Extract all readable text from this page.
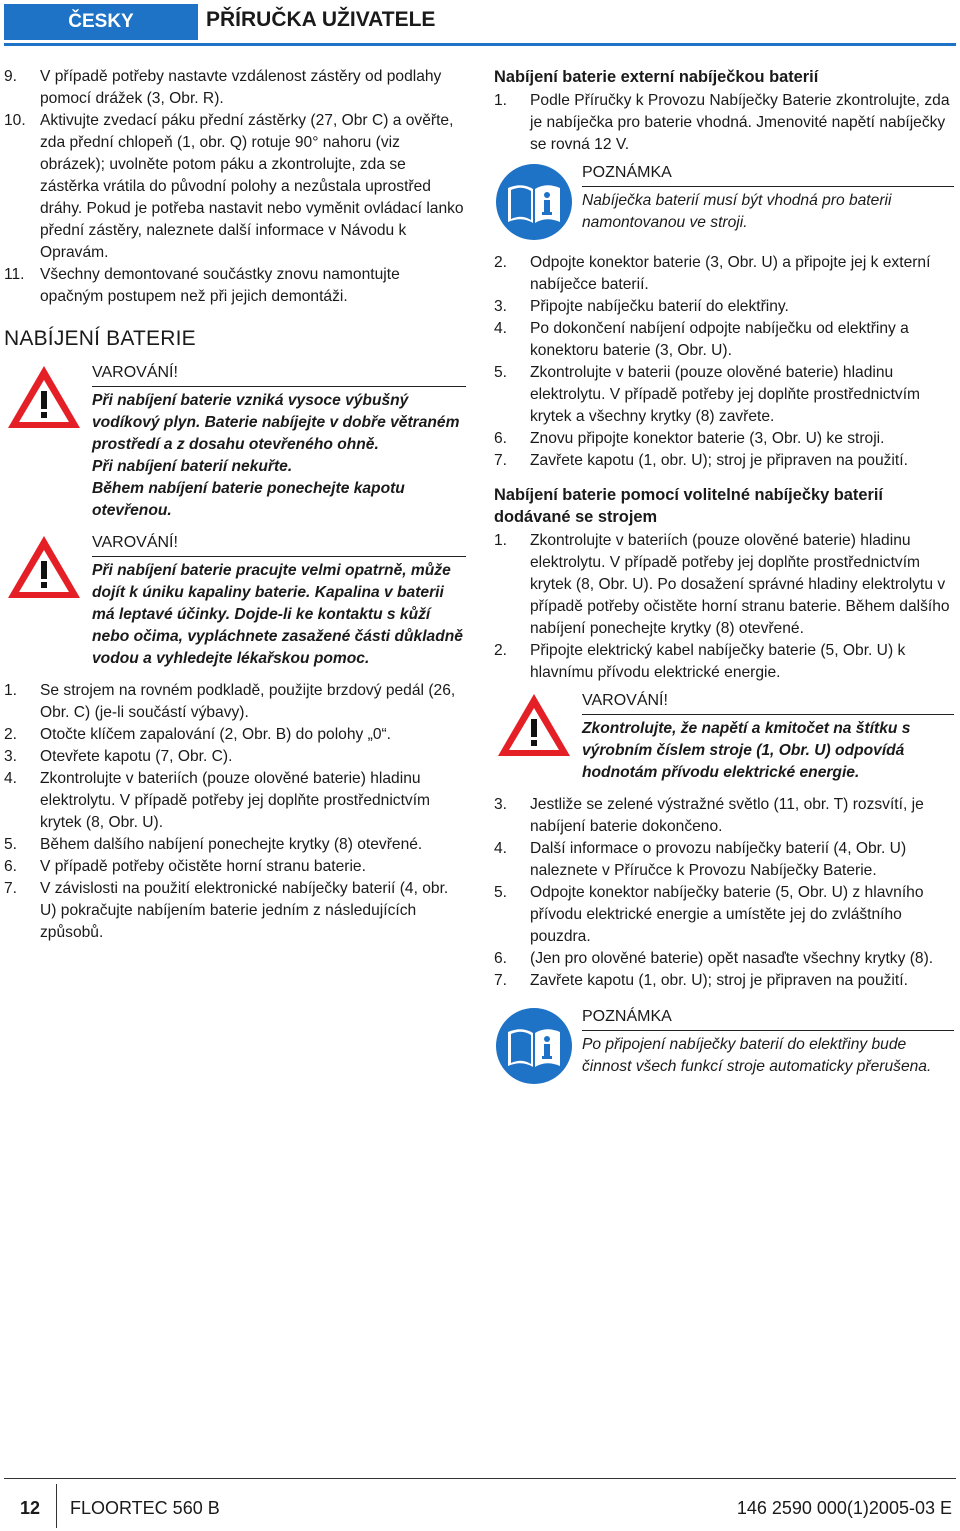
ČESKY	PŘÍRUČKA UŽIVATELE
9.	V případě potřeby nastavte vzdálenost zástěry od podlahy pomocí drážek (3, Obr. R).
10. Aktivujte zvedací páku přední zástěrky (27, Obr C) a ověřte, zda přední chlopeň (1, obr. Q) rotuje 90° nahoru (viz obrázek); uvolněte potom páku a zkontrolujte, zda se zástěrka vrátila do původní polohy a nezůstala uprostřed dráhy. Pokud je potřeba nastavit nebo vyměnit ovládací lanko přední zástěry, naleznete další informace v Návodu k Opravám.
11. Všechny demontované součástky znovu namontujte opačným postupem než při jejich demontáži.
NABÍJENÍ BATERIE
VAROVÁNÍ!

Při nabíjení baterie vzniká vysoce výbušný vodíkový plyn. Baterie nabíjejte v dobře větraném prostředí a z dosahu otevřeného ohně.

Při nabíjení baterií nekuřte.

Během nabíjení baterie ponechejte kapotu otevřenou.

VAROVÁNÍ!

Při nabíjení baterie pracujte velmi opatrně, může dojít k úniku kapaliny baterie. Kapalina v baterii má leptavé účinky. Dojde-li ke kontaktu s kůží nebo očima, vypláchnete zasažené části důkladně vodou a vyhledejte lékařskou pomoc.

1.	Se strojem na rovném podkladě, použijte brzdový pedál (26, Obr. C) (je-li součástí výbavy).
2.	Otočte klíčem zapalování (2, Obr. B) do polohy „0“.
3.	Otevřete kapotu (7, Obr. C).
4.	Zkontrolujte v bateriích (pouze olověné baterie) hladinu elektrolytu. V případě potřeby jej doplňte prostřednictvím krytek (8, Obr. U).
5.	Během dalšího nabíjení ponechejte krytky (8) otevřené.
6.	V případě potřeby očistěte horní stranu baterie.
7.	V závislosti na použití elektronické nabíječky baterií (4, obr. U) pokračujte nabíjením baterie jedním z následujících způsobů.
Nabíjení baterie externí nabíječkou baterií
1.	Podle Příručky k Provozu Nabíječky Baterie zkontrolujte, zda je nabíječka pro baterie vhodná. Jmenovité napětí nabíječky se rovná 12 V.
POZNÁMKA

Nabíječka baterií musí být vhodná pro baterii namontovanou ve stroji.

2.	Odpojte konektor baterie (3, Obr. U) a připojte jej k externí nabíječce baterií.
3.	Připojte nabíječku baterií do elektřiny.
4.	Po dokončení nabíjení odpojte nabíječku od elektřiny a konektoru baterie (3, Obr. U).
5.	Zkontrolujte v baterii (pouze olověné baterie) hladinu elektrolytu. V případě potřeby jej doplňte prostřednictvím krytek a všechny krytky (8) zavřete.
6.	Znovu připojte konektor baterie (3, Obr. U) ke stroji.
7.	Zavřete kapotu (1, obr. U); stroj je připraven na použití.
Nabíjení baterie pomocí volitelné nabíječky baterií dodávané se strojem
1.	Zkontrolujte v bateriích (pouze olověné baterie) hladinu elektrolytu. V případě potřeby jej doplňte prostřednictvím krytek (8, Obr. U). Po dosažení správné hladiny elektrolytu v případě potřeby očistěte horní stranu baterie. Během dalšího nabíjení ponechejte krytky (8) otevřené.
2.	Připojte elektrický kabel nabíječky baterie (5, Obr. U) k hlavnímu přívodu elektrické energie.
VAROVÁNÍ!

Zkontrolujte, že napětí a kmitočet na štítku s výrobním číslem stroje (1, Obr. U) odpovídá hodnotám přívodu elektrické energie.

3.	Jestliže se zelené výstražné světlo (11, obr. T) rozsvítí, je nabíjení baterie dokončeno.
4.	Další informace o provozu nabíječky baterií (4, Obr. U) naleznete v Příručce k Provozu Nabíječky Baterie.
5.	Odpojte konektor nabíječky baterie (5, Obr. U) z hlavního přívodu elektrické energie a umístěte jej do zvláštního pouzdra.
6.	(Jen pro olověné baterie) opět nasaďte všechny krytky (8).
7.	Zavřete kapotu (1, obr. U); stroj je připraven na použití.
POZNÁMKA

Po připojení nabíječky baterií do elektřiny bude činnost všech funkcí stroje automaticky přerušena.

12 FLOORTEC 560 B	146 2590 000(1)2005-03 E
